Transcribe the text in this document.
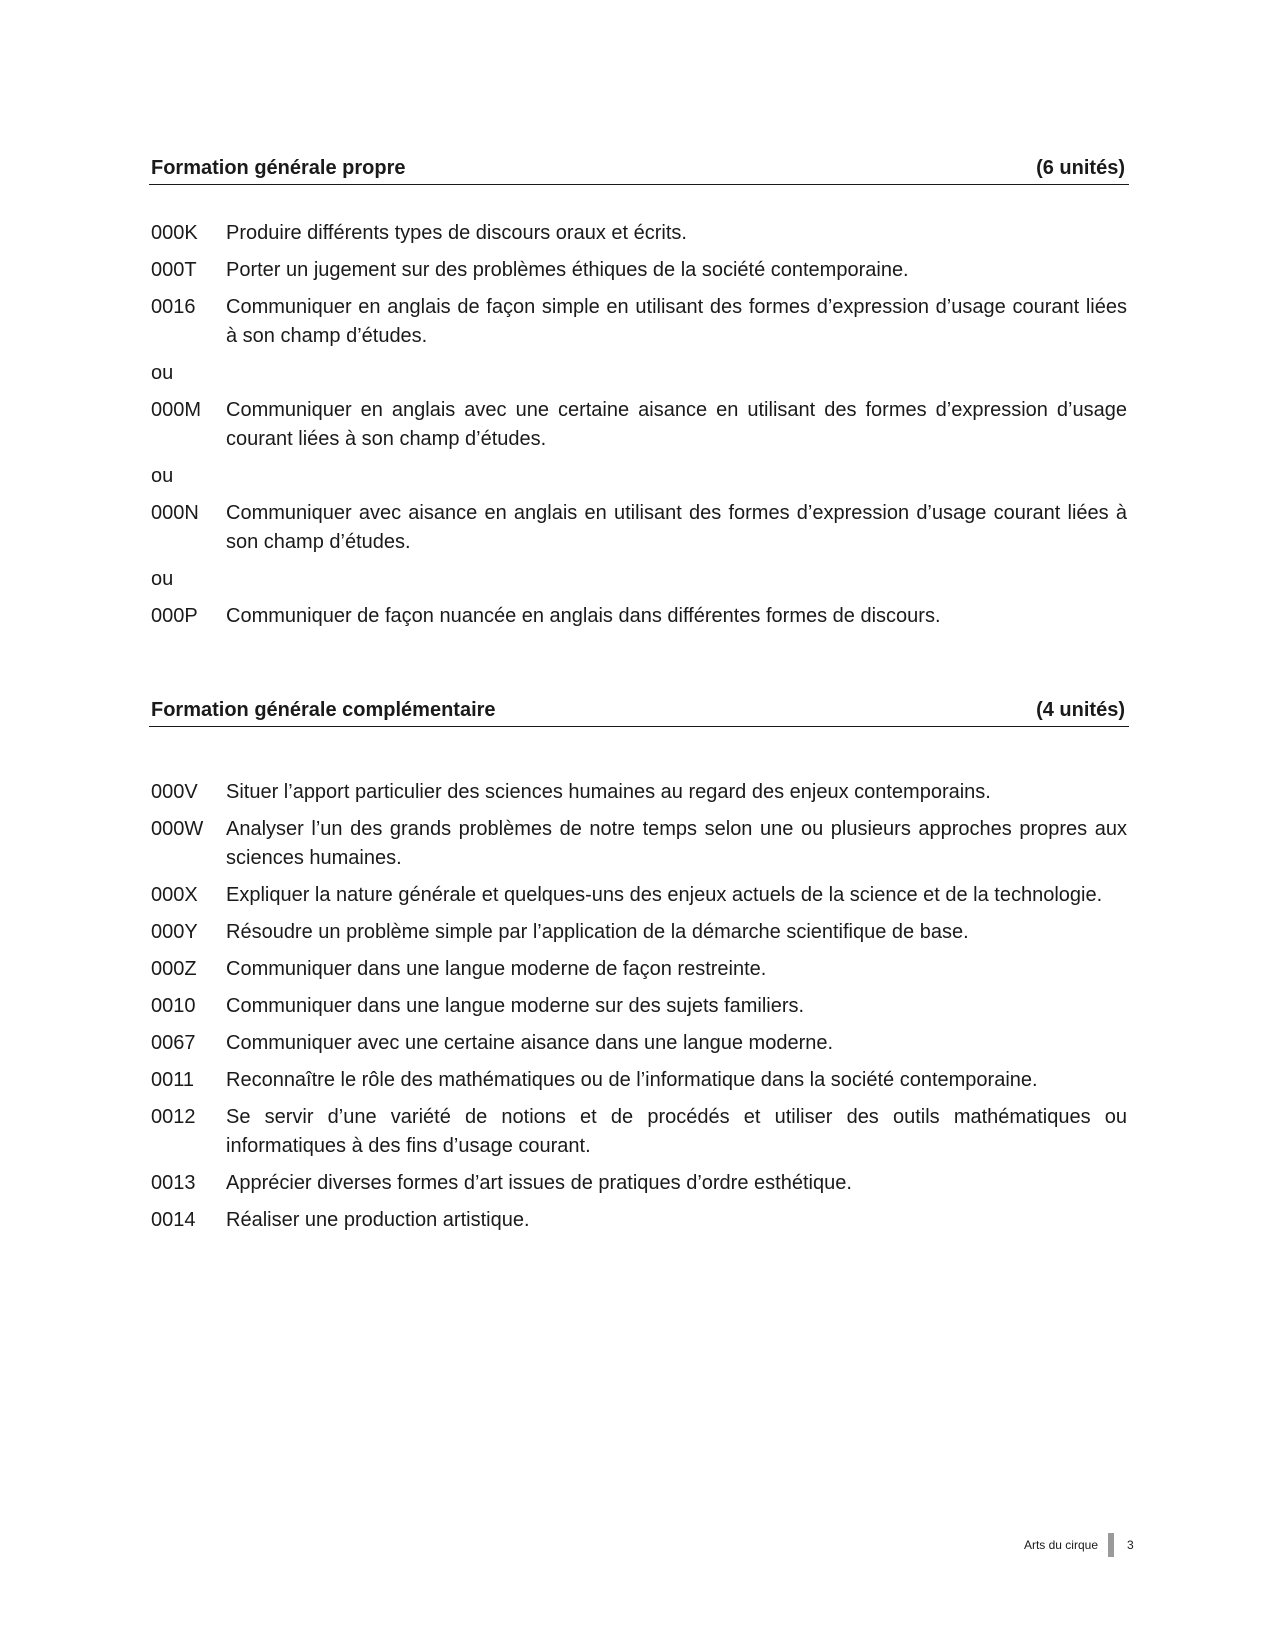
Formation générale propre	(6 unités)
000K	Produire différents types de discours oraux et écrits.
000T	Porter un jugement sur des problèmes éthiques de la société contemporaine.
0016	Communiquer en anglais de façon simple en utilisant des formes d’expression d’usage courant liées à son champ d’études.
ou
000M	Communiquer en anglais avec une certaine aisance en utilisant des formes d’expression d’usage courant liées à son champ d’études.
ou
000N	Communiquer avec aisance en anglais en utilisant des formes d’expression d’usage courant liées à son champ d’études.
ou
000P	Communiquer de façon nuancée en anglais dans différentes formes de discours.
Formation générale complémentaire	(4 unités)
000V	Situer l’apport particulier des sciences humaines au regard des enjeux contemporains.
000W	Analyser l’un des grands problèmes de notre temps selon une ou plusieurs approches propres aux sciences humaines.
000X	Expliquer la nature générale et quelques-uns des enjeux actuels de la science et de la technologie.
000Y	Résoudre un problème simple par l’application de la démarche scientifique de base.
000Z	Communiquer dans une langue moderne de façon restreinte.
0010	Communiquer dans une langue moderne sur des sujets familiers.
0067	Communiquer avec une certaine aisance dans une langue moderne.
0011	Reconnaître le rôle des mathématiques ou de l’informatique dans la société contemporaine.
0012	Se servir d’une variété de notions et de procédés et utiliser des outils mathématiques ou informatiques à des fins d’usage courant.
0013	Apprécier diverses formes d’art issues de pratiques d’ordre esthétique.
0014	Réaliser une production artistique.
Arts du cirque 3
